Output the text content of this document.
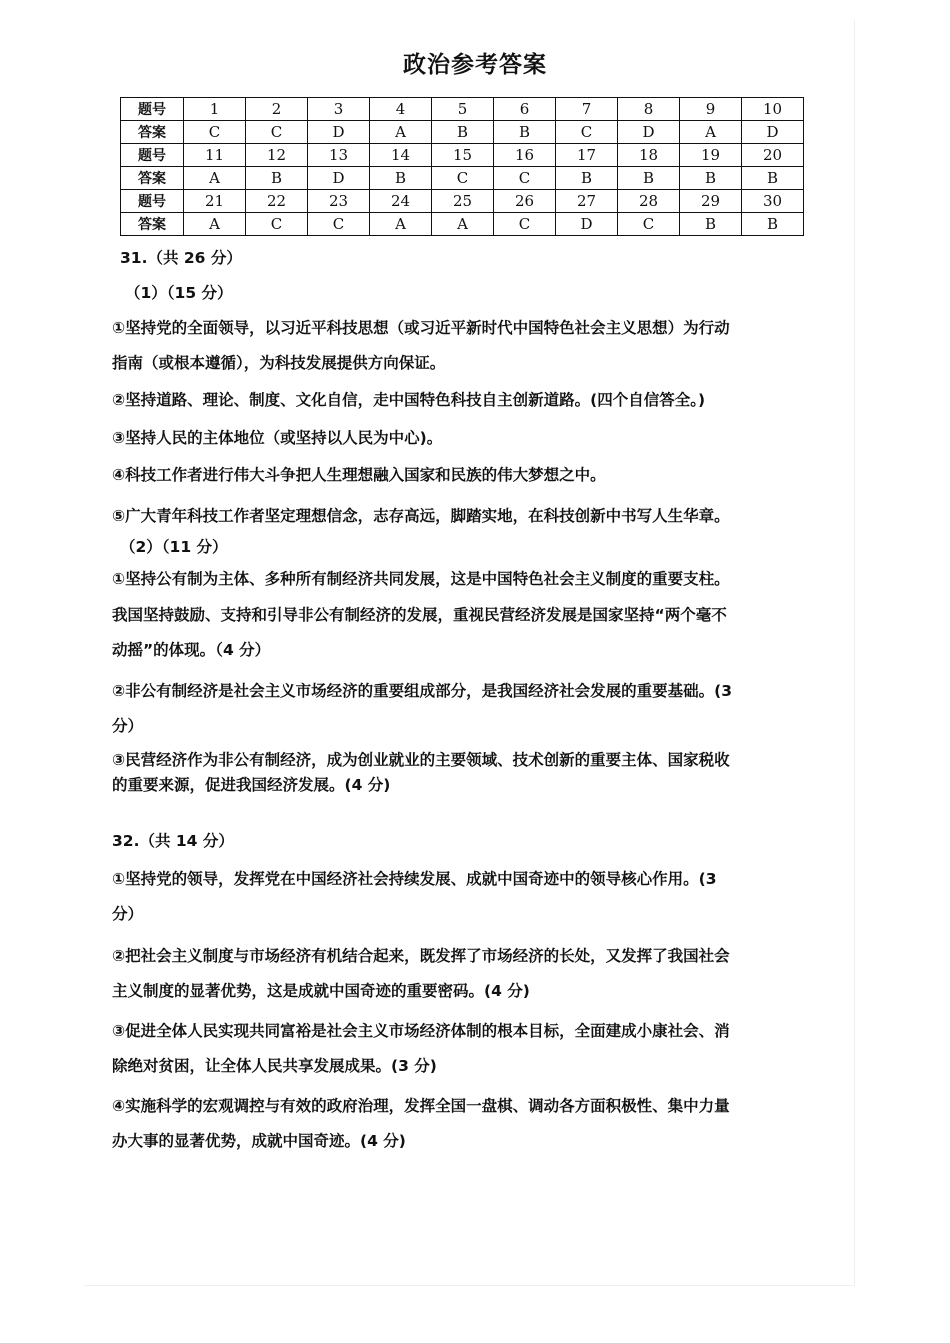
政治参考答案
题号	1	2	3	4	5	6	7	8	9	10
答案	C	C	D	A	B	B	C	D	A	D
题号	11	12	13	14	15	16	17	18	19	20
答案	A	B	D	B	C	C	B	B	B	B
题号	21	22	23	24	25	26	27	28	29	30
答案	A	C	C	A	A	C	D	C	B	B
31.（共 26 分）
（1）（15 分）
①坚持党的全面领导，以习近平科技思想（或习近平新时代中国特色社会主义思想）为行动
指南（或根本遵循），为科技发展提供方向保证。
②坚持道路、理论、制度、文化自信，走中国特色科技自主创新道路。(四个自信答全。)
③坚持人民的主体地位（或坚持以人民为中心)。
④科技工作者进行伟大斗争把人生理想融入国家和民族的伟大梦想之中。
⑤广大青年科技工作者坚定理想信念，志存高远，脚踏实地，在科技创新中书写人生华章。
（2）（11 分）
①坚持公有制为主体、多种所有制经济共同发展，这是中国特色社会主义制度的重要支柱。
我国坚持鼓励、支持和引导非公有制经济的发展，重视民营经济发展是国家坚持“两个毫不
动摇”的体现。（4 分）
②非公有制经济是社会主义市场经济的重要组成部分，是我国经济社会发展的重要基础。(3
分）
③民营经济作为非公有制经济，成为创业就业的主要领域、技术创新的重要主体、国家税收
的重要来源，促进我国经济发展。(4 分)
32.（共 14 分）
①坚持党的领导，发挥党在中国经济社会持续发展、成就中国奇迹中的领导核心作用。(3
分）
②把社会主义制度与市场经济有机结合起来，既发挥了市场经济的长处，又发挥了我国社会
主义制度的显著优势，这是成就中国奇迹的重要密码。(4 分)
③促进全体人民实现共同富裕是社会主义市场经济体制的根本目标，全面建成小康社会、消
除绝对贫困，让全体人民共享发展成果。(3 分)
④实施科学的宏观调控与有效的政府治理，发挥全国一盘棋、调动各方面积极性、集中力量
办大事的显著优势，成就中国奇迹。(4 分)
